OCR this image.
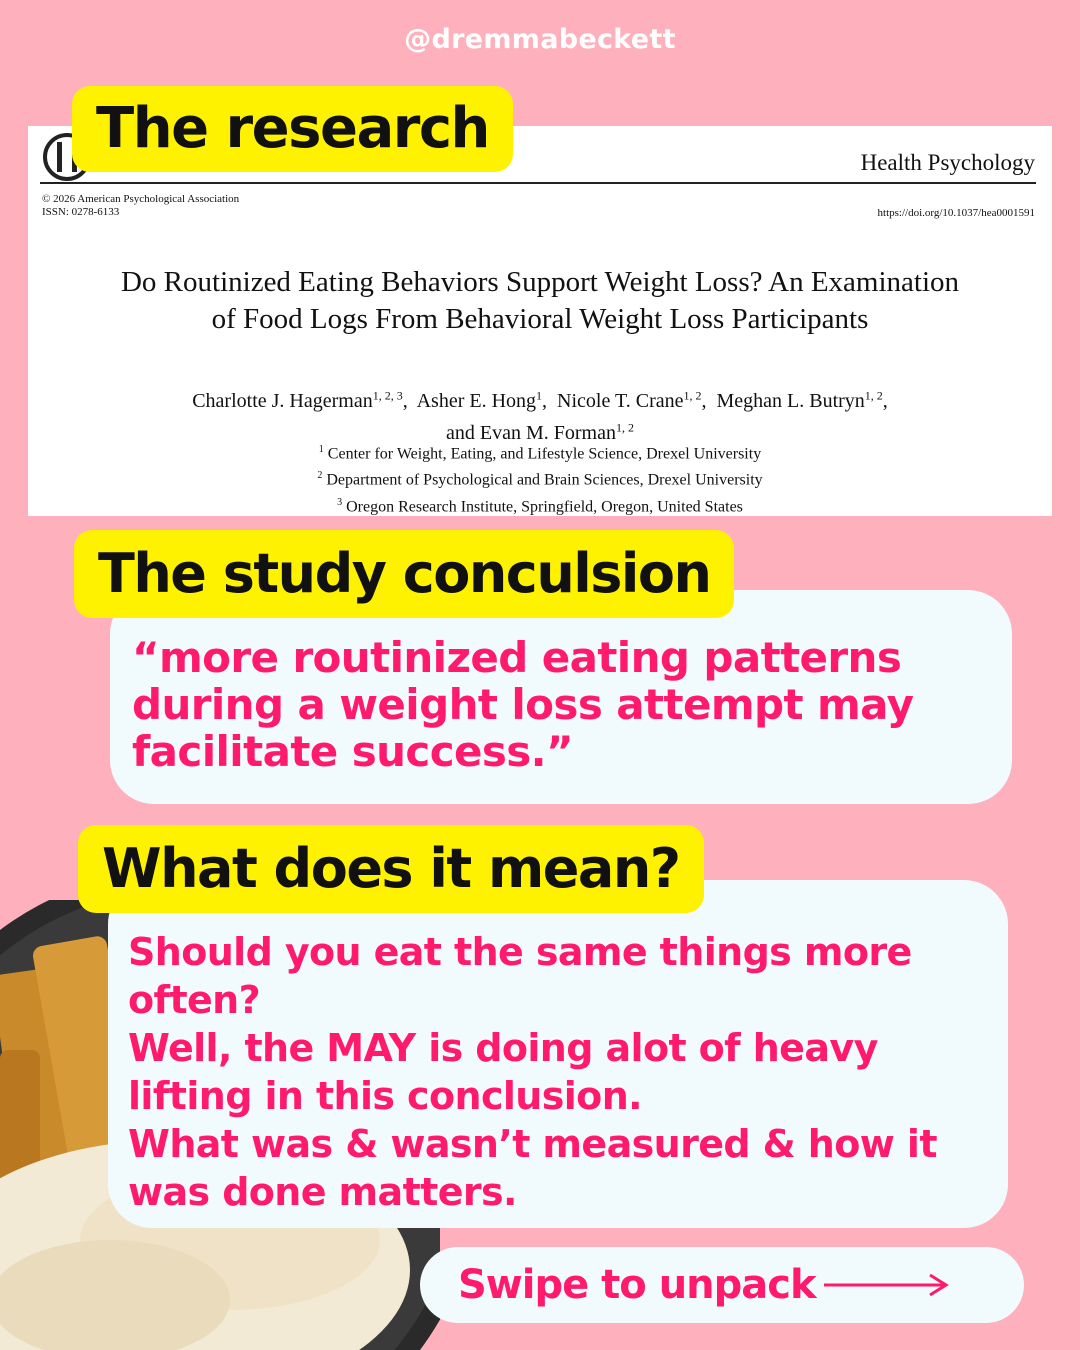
@dremmabeckett
Health Psychology
© 2026 American Psychological Association
ISSN: 0278-6133	https://doi.org/10.1037/hea0001591
Do Routinized Eating Behaviors Support Weight Loss? An Examination
of Food Logs From Behavioral Weight Loss Participants
Charlotte J. Hagerman$^{1, 2, 3}$,  Asher E. Hong$^1$,  Nicole T. Crane$^{1, 2}$,  Meghan L. Butryn$^{1, 2}$,
and Evan M. Forman$^{1, 2}$
$^1$ Center for Weight, Eating, and Lifestyle Science, Drexel University
$^2$ Department of Psychological and Brain Sciences, Drexel University
$^3$ Oregon Research Institute, Springfield, Oregon, United States
The research
The study conculsion
“more routinized eating patterns during a weight loss attempt may facilitate success.”
What does it mean?
Should you eat the same things more often?
Well, the MAY is doing alot of heavy lifting in this conclusion.
What was & wasn’t measured & how it was done matters.
Swipe to unpack
